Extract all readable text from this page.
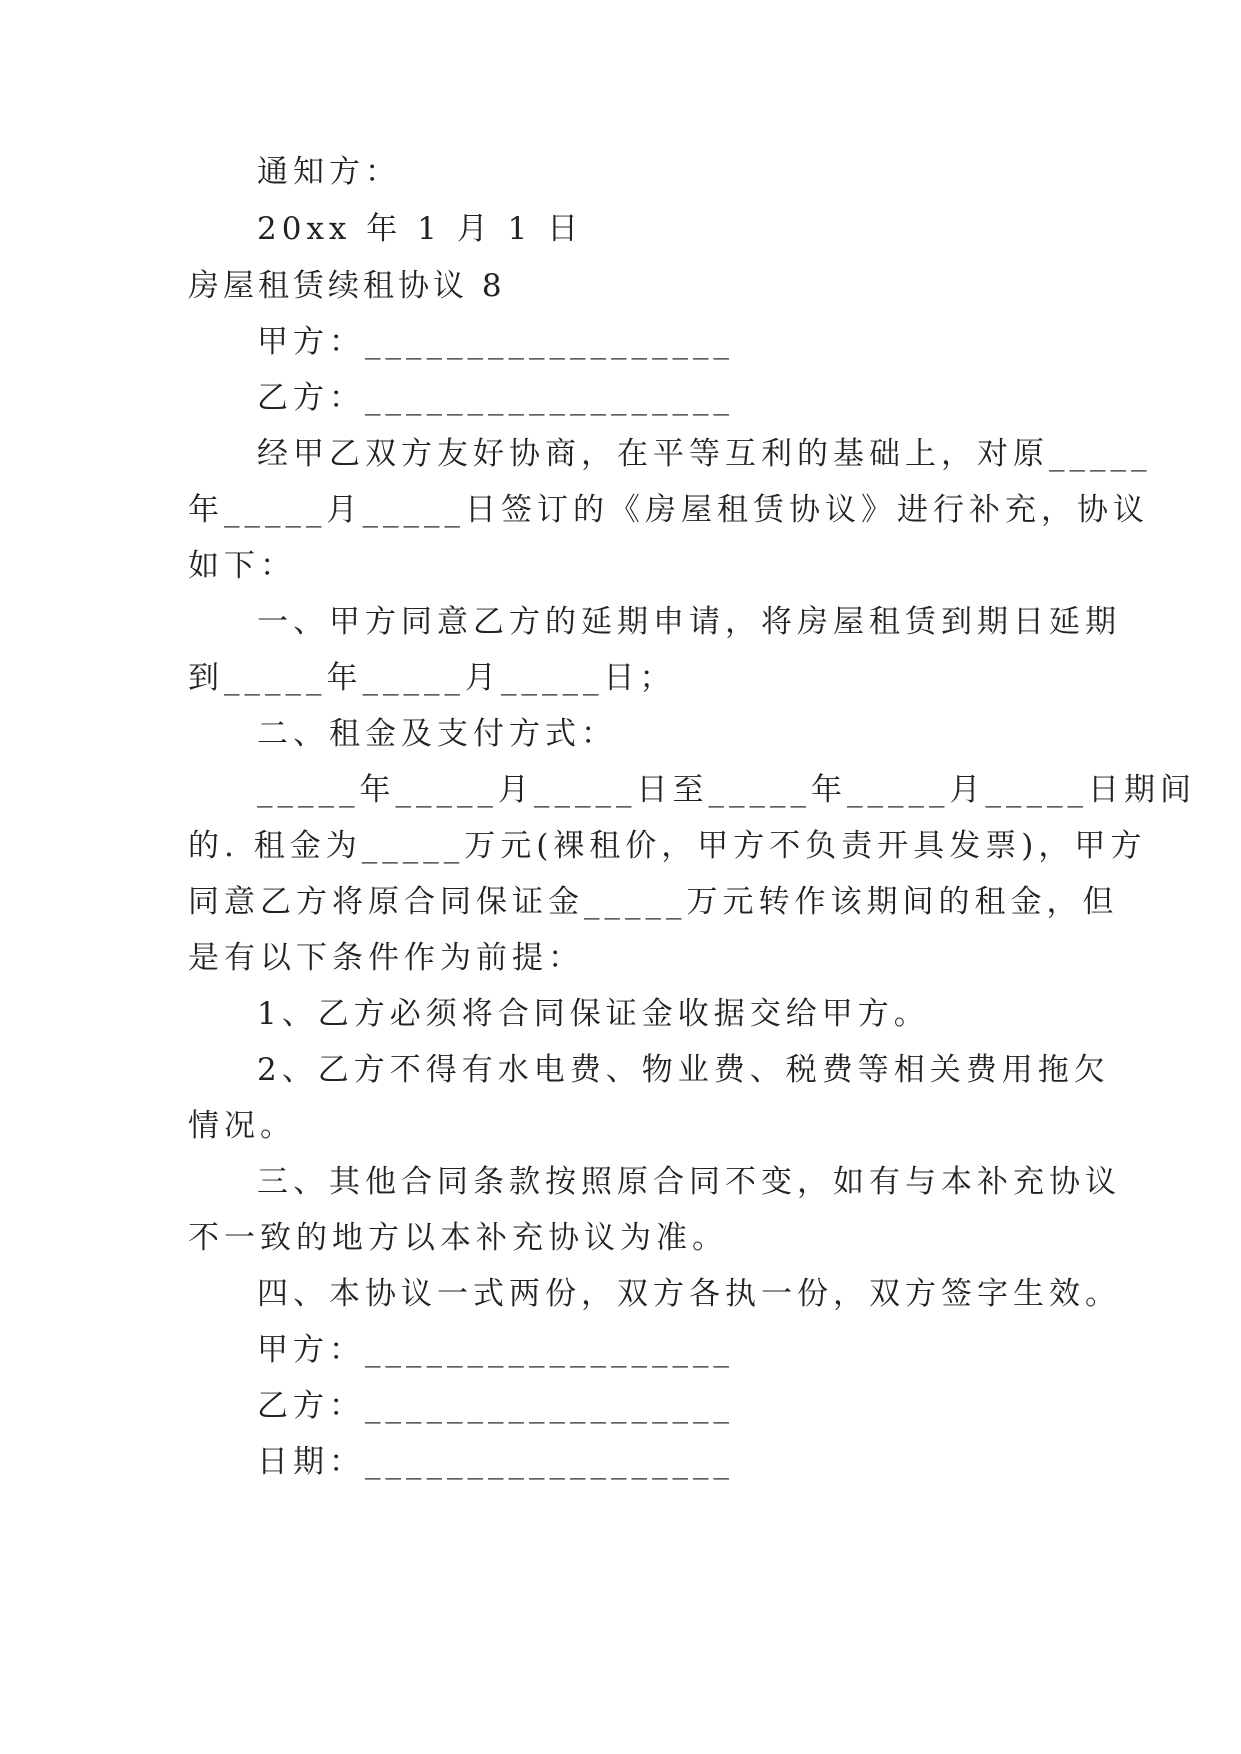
通知方：
20xx 年 1 月 1 日
房屋租赁续租协议 8
甲方：__________________
乙方：__________________
经甲乙双方友好协商，在平等互利的基础上，对原_____
年_____月_____日签订的《房屋租赁协议》进行补充，协议
如下：
一、甲方同意乙方的延期申请，将房屋租赁到期日延期
到_____年_____月_____日；
二、租金及支付方式：
_____年_____月_____日至_____年_____月_____日期间
的. 租金为_____万元(裸租价，甲方不负责开具发票)，甲方
同意乙方将原合同保证金_____万元转作该期间的租金，但
是有以下条件作为前提：
1、乙方必须将合同保证金收据交给甲方。
2、乙方不得有水电费、物业费、税费等相关费用拖欠
情况。
三、其他合同条款按照原合同不变，如有与本补充协议
不一致的地方以本补充协议为准。
四、本协议一式两份，双方各执一份，双方签字生效。
甲方：__________________
乙方：__________________
日期：__________________
